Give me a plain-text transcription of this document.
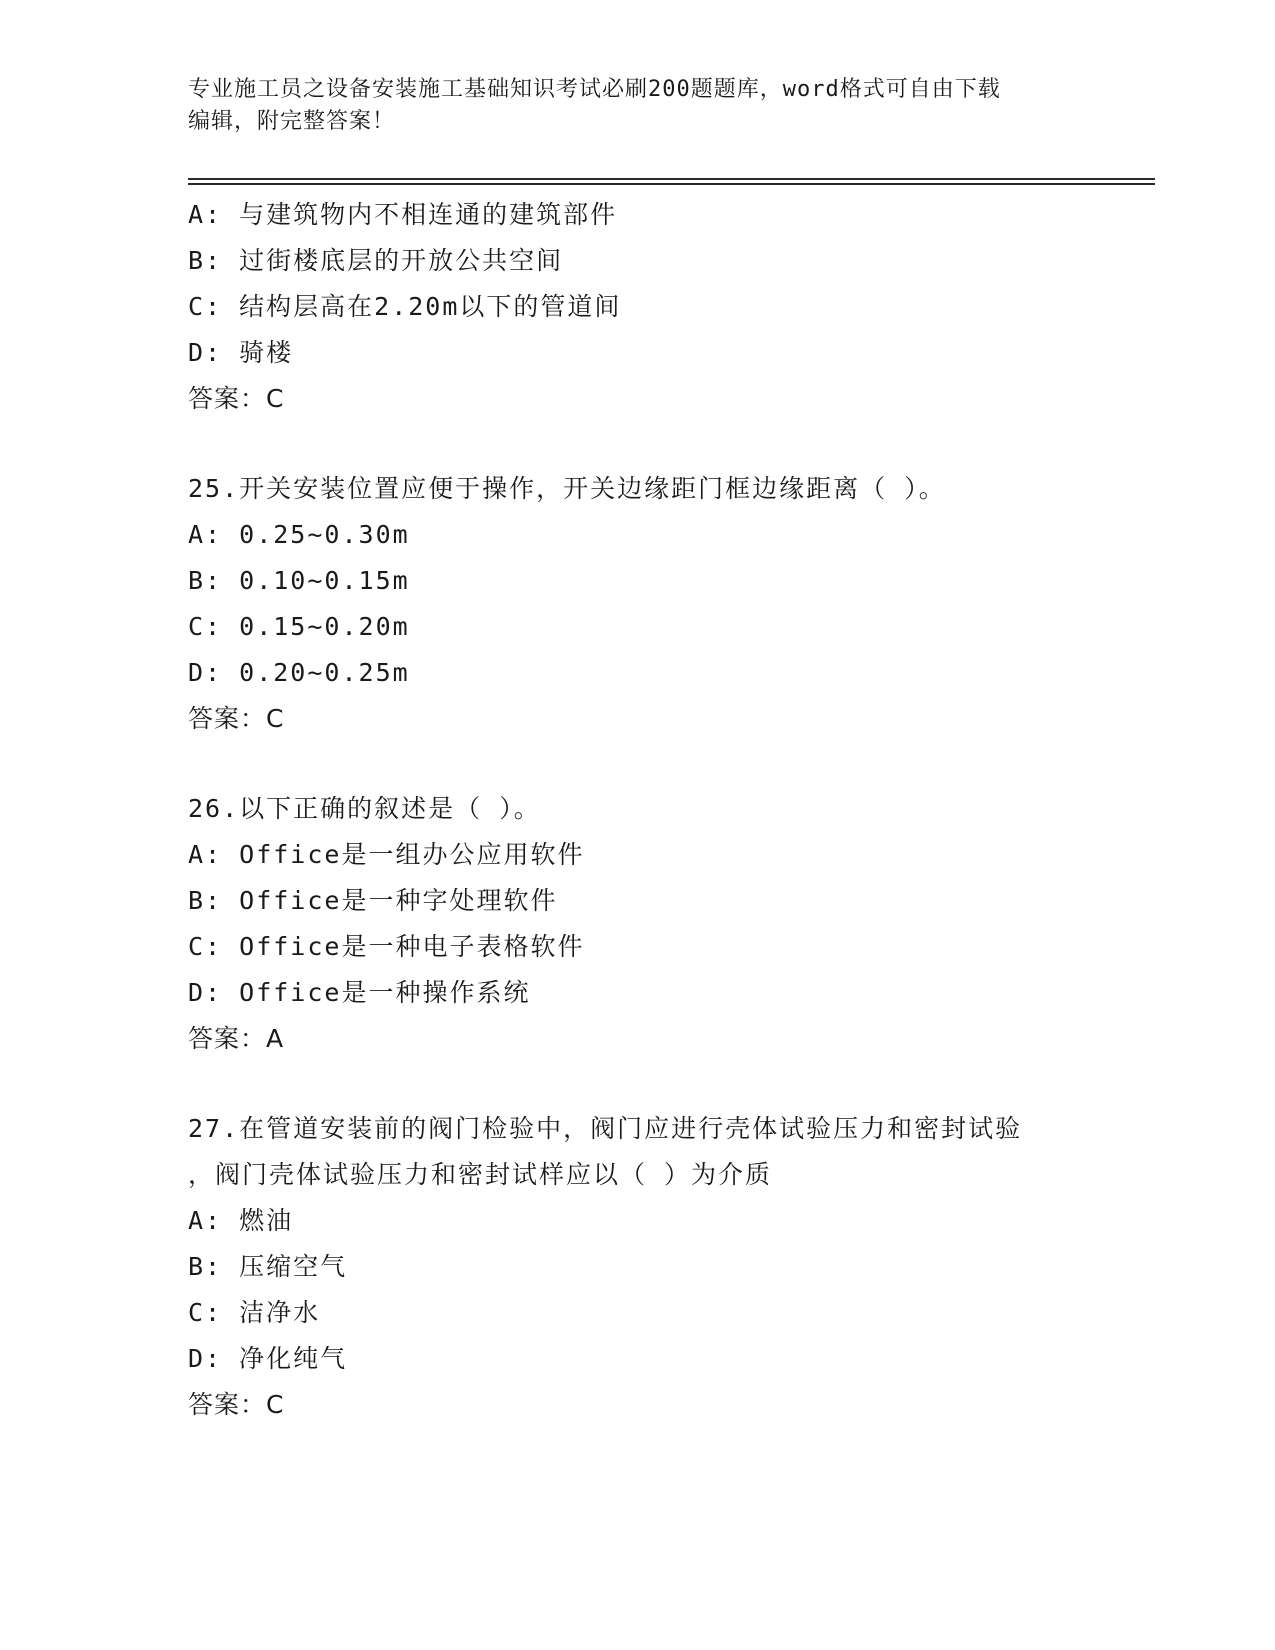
专业施工员之设备安装施工基础知识考试必刷200题题库，word格式可自由下载
编辑，附完整答案！
A: 与建筑物内不相连通的建筑部件
B: 过街楼底层的开放公共空间
C: 结构层高在2.20m以下的管道间
D: 骑楼
答案：C
25.开关安装位置应便于操作，开关边缘距门框边缘距离（ ）。
A: 0.25~0.30m
B: 0.10~0.15m
C: 0.15~0.20m
D: 0.20~0.25m
答案：C
26.以下正确的叙述是（ ）。
A: Office是一组办公应用软件
B: Office是一种字处理软件
C: Office是一种电子表格软件
D: Office是一种操作系统
答案：A
27.在管道安装前的阀门检验中，阀门应进行壳体试验压力和密封试验
，阀门壳体试验压力和密封试样应以（ ）为介质
A: 燃油
B: 压缩空气
C: 洁净水
D: 净化纯气
答案：C
